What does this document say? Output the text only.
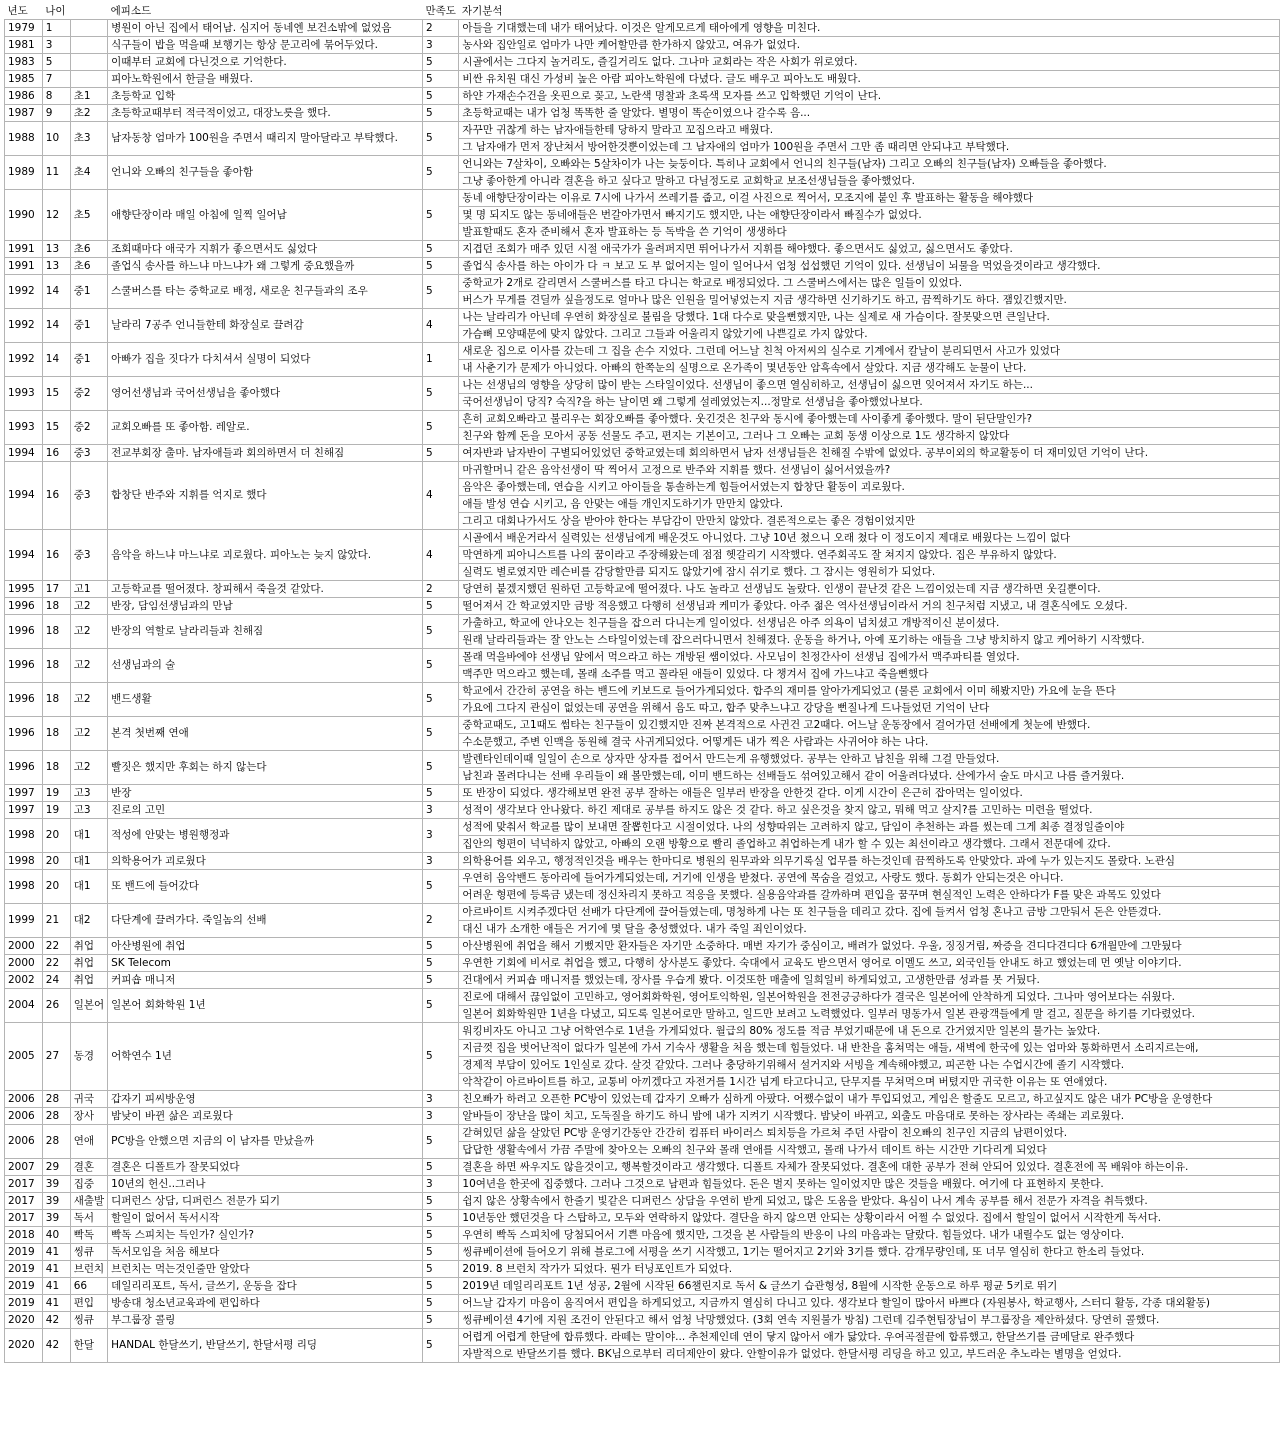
년도	나이		에피소드	만족도	자기분석
1979	1		병원이 아닌 집에서 태어남. 심지어 동네엔 보건소밖에 없었음	2	아들을 기대했는데 내가 태어났다. 이것은 알게모르게 태아에게 영향을 미친다.
1981	3		식구들이 밥을 먹을때 보행기는 항상 문고리에 묶어두었다.	3	농사와 집안일로 엄마가 나만 케어할만큼 한가하지 않았고, 여유가 없었다.
1983	5		이때부터 교회에 다닌것으로 기억한다.	5	시골에서는 그다지 놀거리도, 즐길거리도 없다. 그나마 교회라는 작은 사회가 위로였다.
1985	7		피아노학원에서 한글을 배웠다.	5	비싼 유치원 대신 가성비 높은 아람 피아노학원에 다녔다. 글도 배우고 피아노도 배웠다.
1986	8	초1	초등학교 입학	5	하얀 가재손수건을 옷핀으로 꽂고, 노란색 명찰과 초록색 모자를 쓰고 입학했던 기억이 난다.
1987	9	초2	초등학교때부터 적극적이었고, 대장노릇을 했다.	5	초등학교때는 내가 엄청 똑똑한 줄 알았다. 별명이 똑순이였으나 갈수록 음...
1988	10	초3	남자동창 엄마가 100원을 주면서 때리지 말아달라고 부탁했다.	5	자꾸만 귀찮게 하는 남자애들한테 당하지 말라고 꼬집으라고 배웠다.
					그 남자애가 먼저 장난쳐서 방어한것뿐이었는데 그 남자애의 엄마가 100원을 주면서 그만 좀 때리면 안되냐고 부탁했다.
1989	11	초4	언니와 오빠의 친구들을 좋아함	5	언니와는 7살차이, 오빠와는 5살차이가 나는 늦둥이다. 특히나 교회에서 언니의 친구들(남자) 그리고 오빠의 친구들(남자) 오빠들을 좋아했다.
					그냥 좋아한게 아니라 결혼을 하고 싶다고 말하고 다닐정도로 교회학교 보조선생님들을 좋아했었다.
1990	12	초5	애향단장이라 매일 아침에 일찍 일어남	5	동네 애향단장이라는 이유로 7시에 나가서 쓰레기를 줍고, 이걸 사진으로 찍어서, 모조지에 붙인 후 발표하는 활동을 해야했다
					몇 명 되지도 않는 동네애들은 번갈아가면서 빠지기도 했지만, 나는 애향단장이라서 빠질수가 없었다.
					발표할때도 혼자 준비해서 혼자 발표하는 등 독박을 쓴 기억이 생생하다
1991	13	초6	조회때마다 애국가 지휘가 좋으면서도 싫었다	5	지겹던 조회가 매주 있던 시절 애국가가 울려퍼지면 뛰어나가서 지휘를 해야했다. 좋으면서도 싫었고, 싫으면서도 좋았다.
1991	13	초6	졸업식 송사를 하느냐 마느냐가 왜 그렇게 중요했을까	5	졸업식 송사를 하는 아이가 다 ㅋ 보고 도 부 없어지는 일이 일어나서 엄청 섭섭했던 기억이 있다. 선생님이 뇌물을 먹었을것이라고 생각했다.
1992	14	중1	스쿨버스를 타는 중학교로 배정, 새로운 친구들과의 조우	5	중학교가 2개로 갈리면서 스쿨버스를 타고 다니는 학교로 배정되었다. 그 스쿨버스에서는 많은 일들이 있었다.
					버스가 무게를 견딜까 싶을정도로 얼마나 많은 인원을 밀어넣었는지 지금 생각하면 신기하기도 하고, 끔찍하기도 하다. 잼있긴했지만.
1992	14	중1	날라리 7공주 언니들한테 화장실로 끌려감	4	나는 날라리가 아닌데 우연히 화장실로 불림을 당했다. 1대 다수로 맞을뻔했지만, 나는 실제로 새 가슴이다. 잘못맞으면 큰일난다.
					가슴뼈 모양때문에 맞지 않았다. 그리고 그들과 어울리지 않았기에 나쁜길로 가지 않았다.
1992	14	중1	아빠가 집을 짓다가 다치셔서 실명이 되었다	1	새로운 집으로 이사를 갔는데 그 집을 손수 지었다. 그런데 어느날 친척 아저씨의 실수로 기계에서 칼날이 분리되면서 사고가 있었다
					내 사춘기가 문제가 아니었다. 아빠의 한쪽눈의 실명으로 온가족이 몇년동안 암흑속에서 살았다. 지금 생각해도 눈물이 난다.
1993	15	중2	영어선생님과 국어선생님을 좋아했다	5	나는 선생님의 영향을 상당히 많이 받는 스타일이었다. 선생님이 좋으면 열심히하고, 선생님이 싫으면 잊어져서 자기도 하는...
					국어선생님이 당직? 숙직?을 하는 날이면 왜 그렇게 설레였었는지...정말로 선생님을 좋아했었나보다.
1993	15	중2	교회오빠를 또 좋아함. 레알로.	5	흔히 교회오빠라고 불리우는 회장오빠를 좋아했다. 웃긴것은 친구와 동시에 좋아했는데 사이좋게 좋아했다. 말이 된단말인가?
					친구와 함께 돈을 모아서 공동 선물도 주고, 편지는 기본이고, 그러나 그 오빠는 교회 동생 이상으로 1도 생각하지 않았다
1994	16	중3	전교부회장 출마. 남자애들과 회의하면서 더 친해짐	5	여자반과 남자반이 구별되어있었던 중학교였는데 회의하면서 남자 선생님들은 친해질 수밖에 없었다. 공부이외의 학교활동이 더 재미있던 기억이 난다.
1994	16	중3	합창단 반주와 지휘를 억지로 했다	4	마귀할머니 같은 음악선생이 딱 찍어서 고정으로 반주와 지휘를 했다. 선생님이 싫어서였을까?
					음악은 좋아했는데, 연습을 시키고 아이들을 통솔하는게 힘들어서였는지 합창단 활동이 괴로웠다.
					애들 발성 연습 시키고, 음 안맞는 애들 개인지도하기가 만만치 않았다.
					그리고 대회나가서도 상을 받아야 한다는 부담감이 만만치 않았다. 결론적으로는 좋은 경험이었지만
1994	16	중3	음악을 하느냐 마느냐로 괴로웠다. 피아노는 늦지 않았다.	4	시골에서 배운거라서 실력있는 선생님에게 배운것도 아니었다. 그냥 10년 쳤으니 오래 쳤다 이 정도이지 제대로 배웠다는 느낌이 없다
					막연하게 피아니스트를 나의 꿈이라고 주장해왔는데 점점 헷갈리기 시작했다. 연주회곡도 잘 쳐지지 않았다. 집은 부유하지 않았다.
					실력도 별로였지만 레슨비를 감당할만큼 되지도 않았기에 잠시 쉬기로 했다. 그 잠시는 영원히가 되었다.
1995	17	고1	고등학교를 떨어졌다. 창피해서 죽을것 같았다.	2	당연히 붙겠지했던 원하던 고등학교에 떨어졌다. 나도 놀라고 선생님도 놀랐다. 인생이 끝난것 같은 느낌이었는데 지금 생각하면 웃길뿐이다.
1996	18	고2	반장, 담임선생님과의 만남	5	떨어져서 간 학교였지만 금방 적응했고 다행히 선생님과 케미가 좋았다. 아주 젊은 역사선생님이라서 거의 친구처럼 지냈고, 내 결혼식에도 오셨다.
1996	18	고2	반장의 역할로 날라리들과 친해짐	5	가출하고, 학교에 안나오는 친구들을 잡으러 다니는게 일이었다. 선생님은 아주 의욕이 넘치셨고 개방적이신 분이셨다.
					원래 날라리들과는 잘 안노는 스타일이었는데 잡으러다니면서 친해졌다. 운동을 하거나, 아예 포기하는 애들을 그냥 방치하지 않고 케어하기 시작했다.
1996	18	고2	선생님과의 술	5	몰래 먹을바에야 선생님 앞에서 먹으라고 하는 개방된 쌤이었다. 사모님이 친정간사이 선생님 집에가서 맥주파티를 열었다.
					맥주만 먹으라고 했는데, 몰래 소주를 먹고 꼴라된 애들이 있었다. 다 챙겨서 집에 가느냐고 죽을뻔했다
1996	18	고2	밴드생활	5	학교에서 간간히 공연을 하는 밴드에 키보드로 들어가게되었다. 합주의 재미를 알아가게되었고 (물론 교회에서 이미 해봤지만) 가요에 눈을 뜬다
					가요에 그다지 관심이 없었는데 공연을 위해서 음도 따고, 합주 맞추느냐고 강당을 뻔질나게 드나들었던 기억이 난다
1996	18	고2	본격 첫번째 연애	5	중학교때도, 고1때도 썸타는 친구들이 있긴했지만 진짜 본격적으로 사귄건 고2때다. 어느날 운동장에서 걸어가던 선배에게 첫눈에 반했다.
					수소문했고, 주변 인맥을 동원해 결국 사귀게되었다. 어떻게든 내가 찍은 사람과는 사귀어야 하는 나다.
1996	18	고2	빨짓은 했지만 후회는 하지 않는다	5	발렌타인데이때 일일이 손으로 상자만 상자를 접어서 만드는게 유행했었다. 공부는 안하고 남친을 위해 그걸 만들었다.
					남친과 몰려다니는 선배 우리들이 왜 볼만했는데, 이미 밴드하는 선배들도 섞여있고해서 같이 어울려다녔다. 산에가서 술도 마시고 나름 즐거웠다.
1997	19	고3	반장	5	또 반장이 되었다. 생각해보면 완전 공부 잘하는 애들은 일부러 반장을 안한것 같다. 이게 시간이 은근히 잡아먹는 일이었다.
1997	19	고3	진로의 고민	3	성적이 생각보다 안나왔다. 하긴 제대로 공부를 하지도 않은 것 같다. 하고 싶은것을 찾지 않고, 뭐해 먹고 살지?를 고민하는 미련을 떨었다.
1998	20	대1	적성에 안맞는 병원행정과	3	성적에 맞춰서 학교를 많이 보내면 잘뽑힌다고 시절이었다. 나의 성향따위는 고려하지 않고, 담임이 추천하는 과를 썼는데 그게 최종 결정일줄이야
					집안의 형편이 넉넉하지 않았고, 아빠의 오랜 방황으로 빨리 졸업하고 취업하는게 내가 할 수 있는 최선이라고 생각했다. 그래서 전문대에 갔다.
1998	20	대1	의학용어가 괴로웠다	3	의학용어를 외우고, 행정적인것을 배우는 한마디로 병원의 원무과와 의무기록실 업무를 하는것인데 끔찍하도록 안맞았다. 과에 누가 있는지도 몰랐다. 노관심
1998	20	대1	또 밴드에 들어갔다	5	우연히 음악밴드 동아리에 들어가게되었는데, 거기에 인생을 받쳤다. 공연에 목숨을 걸었고, 사랑도 했다. 동회가 안되는것은 아니다.
					어려운 형편에 등록금 냈는데 정신차리지 못하고 적응을 못했다. 실용음악과를 갈까하며 편입을 꿈꾸며 현실적인 노력은 안하다가 F를 맞은 과목도 있었다
1999	21	대2	다단계에 끌려가다. 죽일놈의 선배	2	아르바이트 시켜주겠다던 선배가 다단계에 끌어들였는데, 명청하게 나는 또 친구들을 데리고 갔다. 집에 들켜서 엄청 혼나고 금방 그만둬서 돈은 안뜯겼다.
					대신 내가 소개한 애들은 거기에 몇 달을 충성했었다. 내가 죽일 죄인이었다.
2000	22	취업	아산병원에 취업	5	아산병원에 취업을 해서 기뻤지만 환자들은 자기만 소중하다. 매번 자기가 중심이고, 배려가 없었다. 우울, 징징거림, 짜증을 견디다견디다 6개월만에 그만뒀다
2000	22	취업	SK Telecom	5	우연한 기회에 비서로 취업을 했고, 다행히 상사분도 좋았다. 숙대에서 교육도 받으면서 영어로 이멜도 쓰고, 외국인들 안내도 하고 했었는데 먼 옛날 이야기다.
2002	24	취업	커피숍 매니저	5	건대에서 커피숍 매니저를 했었는데, 장사를 우습게 봤다. 이것또한 매출에 일희일비 하게되었고, 고생한만큼 성과를 못 거뒀다.
2004	26	일본어	일본어 회화학원 1년	5	진로에 대해서 끊임없이 고민하고, 영어회화학원, 영어토익학원, 일본어학원을 전전긍긍하다가 결국은 일본어에 안착하게 되었다. 그나마 영어보다는 쉬웠다.
					일본어 회화학원만 1년을 다녔고, 되도록 일본어로만 말하고, 일드만 보려고 노력했었다. 일부러 명동가서 일본 관광객들에게 말 걸고, 질문을 하기를 기다렸었다.
2005	27	동경	어학연수 1년	5	워킹비자도 아니고 그냥 어학연수로 1년을 가게되었다. 월급의 80% 정도를 적금 부었기때문에 내 돈으로 간거였지만 일본의 물가는 높았다.
					지금껏 집을 벗어난적이 없다가 일본에 가서 기숙사 생활을 처음 했는데 힘들었다. 내 반찬을 훔쳐먹는 애들, 새벽에 한국에 있는 엄마와 통화하면서 소리지르는애,
					경제적 부담이 있어도 1인실로 갔다. 살것 같았다. 그러나 충당하기위해서 설거지와 서빙을 계속해야했고, 피곤한 나는 수업시간에 졸기 시작했다.
					악착같이 아르바이트를 하고, 교통비 아끼겠다고 자전거를 1시간 넘게 타고다니고, 단무지를 무쳐먹으며 버텼지만 귀국한 이유는 또 연애였다.
2006	28	귀국	갑자기 피씨방운영	3	친오빠가 하려고 오픈한 PC방이 있었는데 갑자기 오빠가 심하게 아팠다. 어쨌수없이 내가 투입되었고, 게임은 할줄도 모르고, 하고싶지도 않은 내가 PC방을 운영한다
2006	28	장사	밤낮이 바뀐 삶은 괴로웠다	3	알바들이 장난을 많이 치고, 도둑질을 하기도 하니 밤에 내가 지켜기 시작했다. 밤낮이 바뀌고, 외출도 마음대로 못하는 장사라는 족쇄는 괴로웠다.
2006	28	연애	PC방을 안했으면 지금의 이 남자를 만났을까	5	갇혀있던 삶을 살았던 PC방 운영기간동안 간간히 컴퓨터 바이러스 퇴치등을 가르쳐 주던 사람이 친오빠의 친구인 지금의 남편이었다.
					답답한 생활속에서 가끔 주말에 찾아오는 오빠의 친구와 몰래 연애를 시작했고, 몰래 나가서 데이트 하는 시간만 기다리게 되었다
2007	29	결혼	결혼은 디폴트가 잘못되었다	5	결혼을 하면 싸우지도 않을것이고, 행복할것이라고 생각했다. 디폴트 자체가 잘못되었다. 결혼에 대한 공부가 전혀 안되어 있었다. 결혼전에 꼭 배워야 하는이유.
2017	39	집중	10년의 헌신..그러나	3	10여년을 한곳에 집중했다. 그러나 그것으로 남편과 힘들었다. 돈은 벌지 못하는 일이었지만 많은 것들을 배웠다. 여기에 다 표현하지 못한다.
2017	39	새출발	디퍼런스 상담, 디퍼런스 전문가 되기	5	쉽지 않은 상황속에서 한줄기 빛같은 디퍼런스 상담을 우연히 받게 되었고, 많은 도움을 받았다. 욕심이 나서 계속 공부를 해서 전문가 자격을 취득했다.
2017	39	독서	할일이 없어서 독서시작	5	10년동안 했던것을 다 스탑하고, 모두와 연락하지 않았다. 결단을 하지 않으면 안되는 상황이라서 어쩔 수 없었다. 집에서 할일이 없어서 시작한게 독서다.
2018	40	빡독	빡독 스피치는 득인가? 실인가?	5	우연히 빡독 스피치에 당첨되어서 기쁜 마음에 했지만, 그것을 본 사람들의 반응이 나의 마음과는 달랐다. 힘들었다. 내가 내릴수도 없는 영상이다.
2019	41	씽큐	독서모임을 처음 해보다	5	씽큐베이션에 들어오기 위해 블로그에 서평을 쓰기 시작했고, 1기는 떨어지고 2기와 3기를 했다. 감개무량인데, 또 너무 열심히 한다고 한소리 들었다.
2019	41	브런치	브런치는 먹는것인줄만 알았다	5	2019. 8 브런치 작가가 되었다. 뭔가 터닝포인트가 되었다.
2019	41	66	데일리리포트, 독서, 글쓰기, 운동을 잡다	5	2019년 데일리리포트 1년 성공, 2월에 시작된 66챌린지로 독서 & 글쓰기 습관형성, 8월에 시작한 운동으로 하루 평균 5키로 뛰기
2019	41	편입	방송대 청소년교육과에 편입하다	5	어느날 갑자기 마음이 움직여서 편입을 하게되었고, 지금까지 열심히 다니고 있다. 생각보다 할일이 많아서 바쁘다 (자원봉사, 학교행사, 스터디 활동, 각종 대외활동)
2020	42	씽큐	부그룹장 콜링	5	씽큐베이션 4기에 지원 조건이 안된다고 해서 엄청 낙망했었다. (3회 연속 지원불가 방침) 그런데 김주현팀장님이 부그룹장을 제안하셨다. 당연히 콜했다.
2020	42	한달	HANDAL 한달쓰기, 반달쓰기, 한달서평 리딩	5	어렵게 어렵게 한달에 합류했다. 라떼는 말이야... 추천제인데 연이 닿지 않아서 애가 닳았다. 우여곡절끝에 합류했고, 한달쓰기를 금메달로 완주했다
					자발적으로 반달쓰기를 했다. BK님으로부터 리더제안이 왔다. 안할이유가 없었다. 한달서평 리딩을 하고 있고, 부드러운 추노라는 별명을 얻었다.
